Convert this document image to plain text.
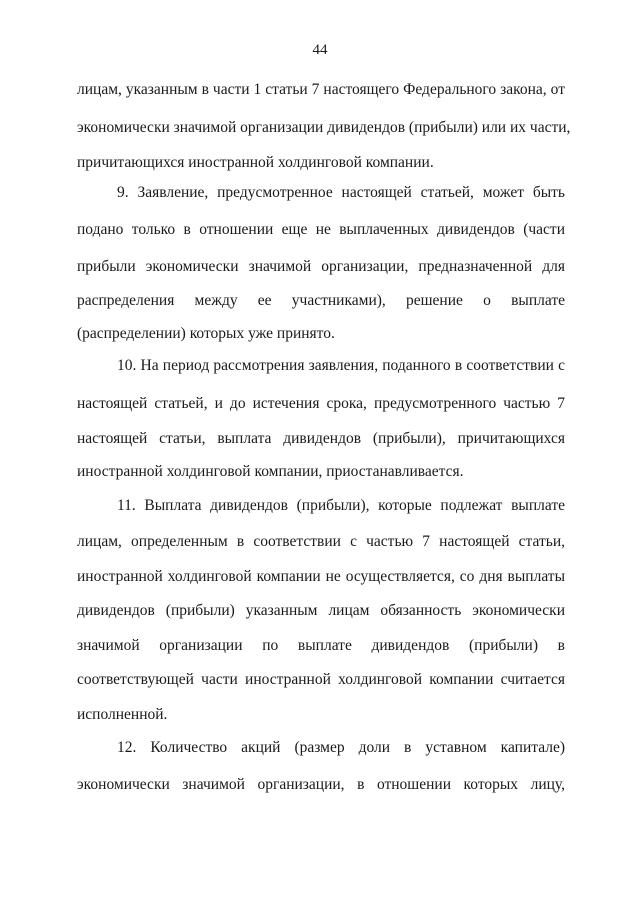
44
лицам, указанным в части 1 статьи 7 настоящего Федерального закона, от
экономически значимой организации дивидендов (прибыли) или их части,
причитающихся иностранной холдинговой компании.
9. Заявление, предусмотренное настоящей статьей, может быть
подано только в отношении еще не выплаченных дивидендов (части
прибыли экономически значимой организации, предназначенной для
распределения между ее участниками), решение о выплате
(распределении) которых уже принято.
10. На период рассмотрения заявления, поданного в соответствии с
настоящей статьей, и до истечения срока, предусмотренного частью 7
настоящей статьи, выплата дивидендов (прибыли), причитающихся
иностранной холдинговой компании, приостанавливается.
11. Выплата дивидендов (прибыли), которые подлежат выплате
лицам, определенным в соответствии с частью 7 настоящей статьи,
иностранной холдинговой компании не осуществляется, со дня выплаты
дивидендов (прибыли) указанным лицам обязанность экономически
значимой организации по выплате дивидендов (прибыли) в
соответствующей части иностранной холдинговой компании считается
исполненной.
12. Количество акций (размер доли в уставном капитале)
экономически значимой организации, в отношении которых лицу,
